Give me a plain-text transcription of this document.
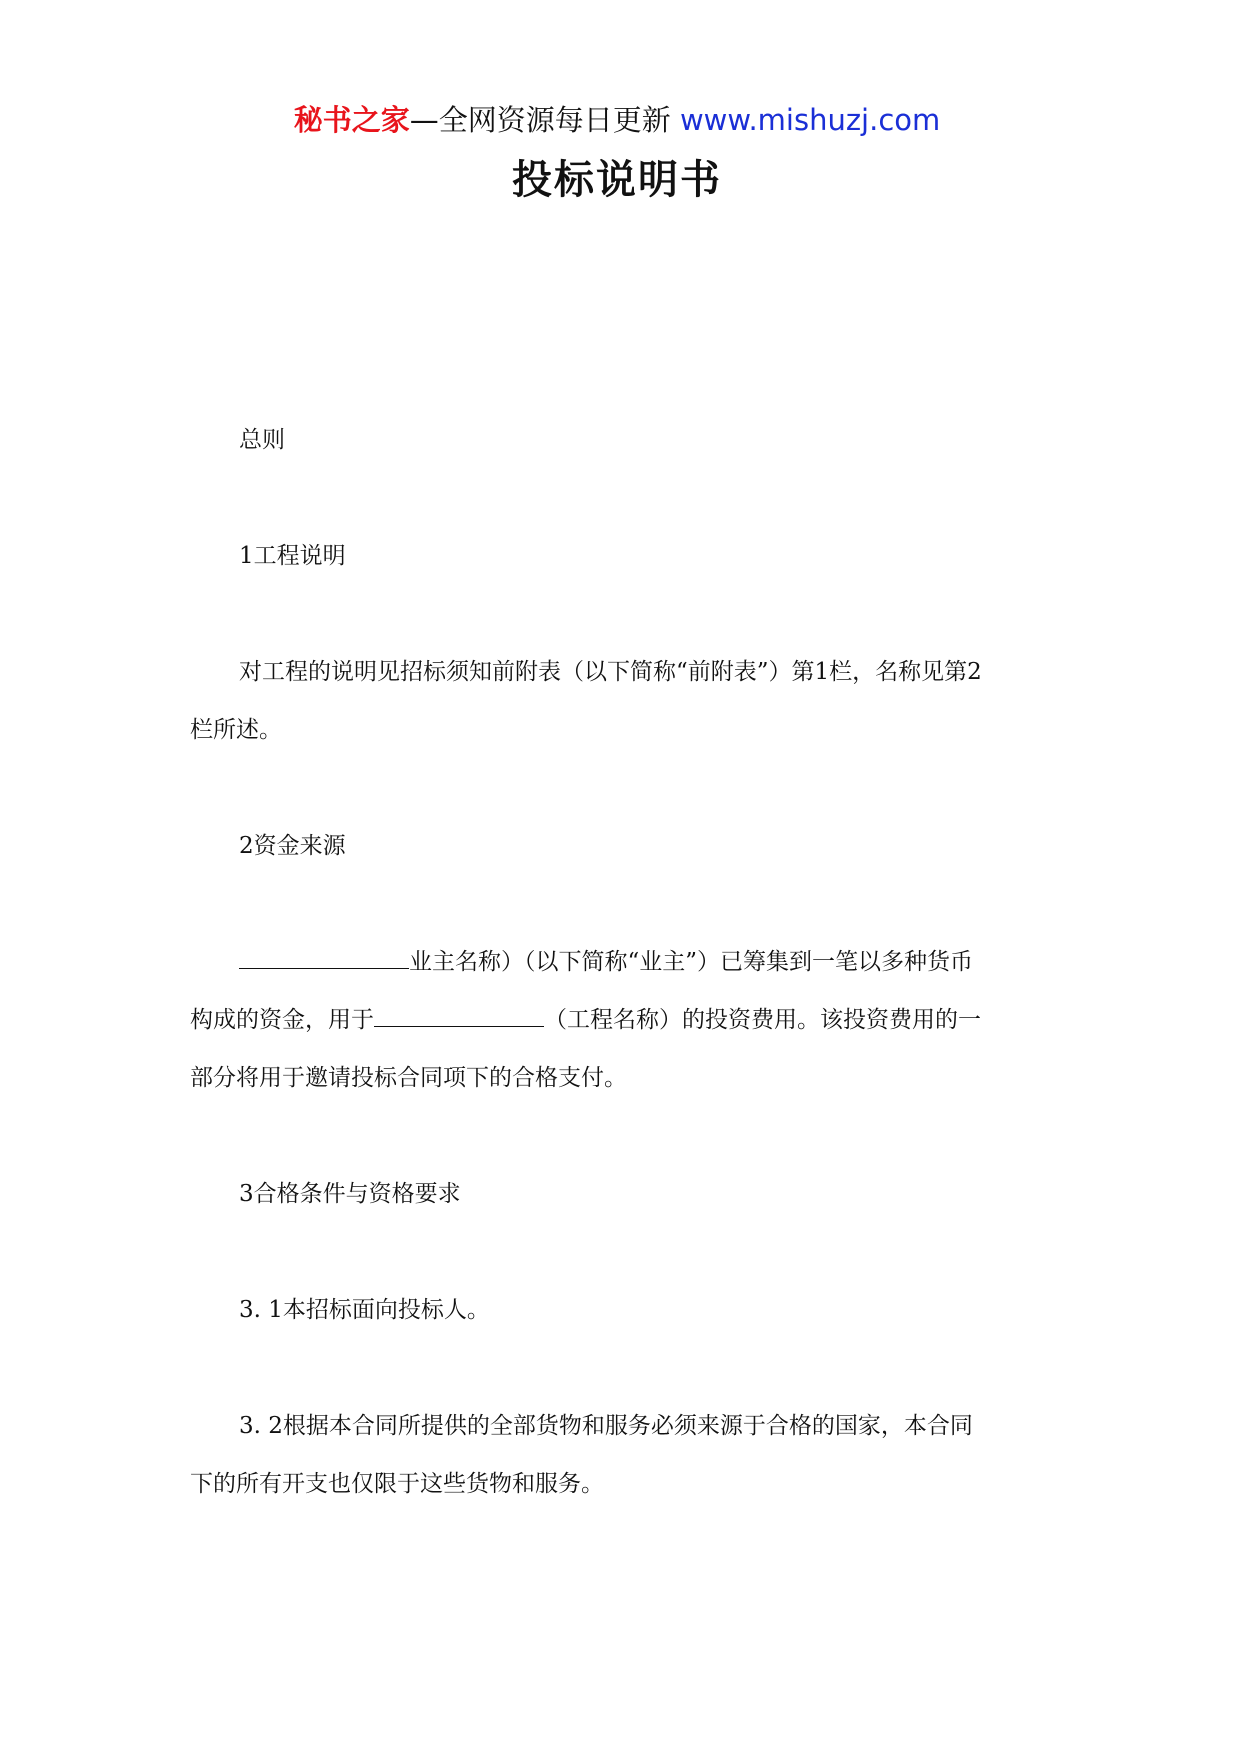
秘书之家—全网资源每日更新 www.mishuzj.com
投标说明书
总则
1工程说明
对工程的说明见招标须知前附表（以下简称“前附表”）第1栏，名称见第2
栏所述。
2资金来源
业主名称）（以下简称“业主”）已筹集到一笔以多种货币
构成的资金，用于	（工程名称）的投资费用。该投资费用的一
部分将用于邀请投标合同项下的合格支付。
3合格条件与资格要求
3. 1本招标面向投标人。
3. 2根据本合同所提供的全部货物和服务必须来源于合格的国家，本合同
下的所有开支也仅限于这些货物和服务。
